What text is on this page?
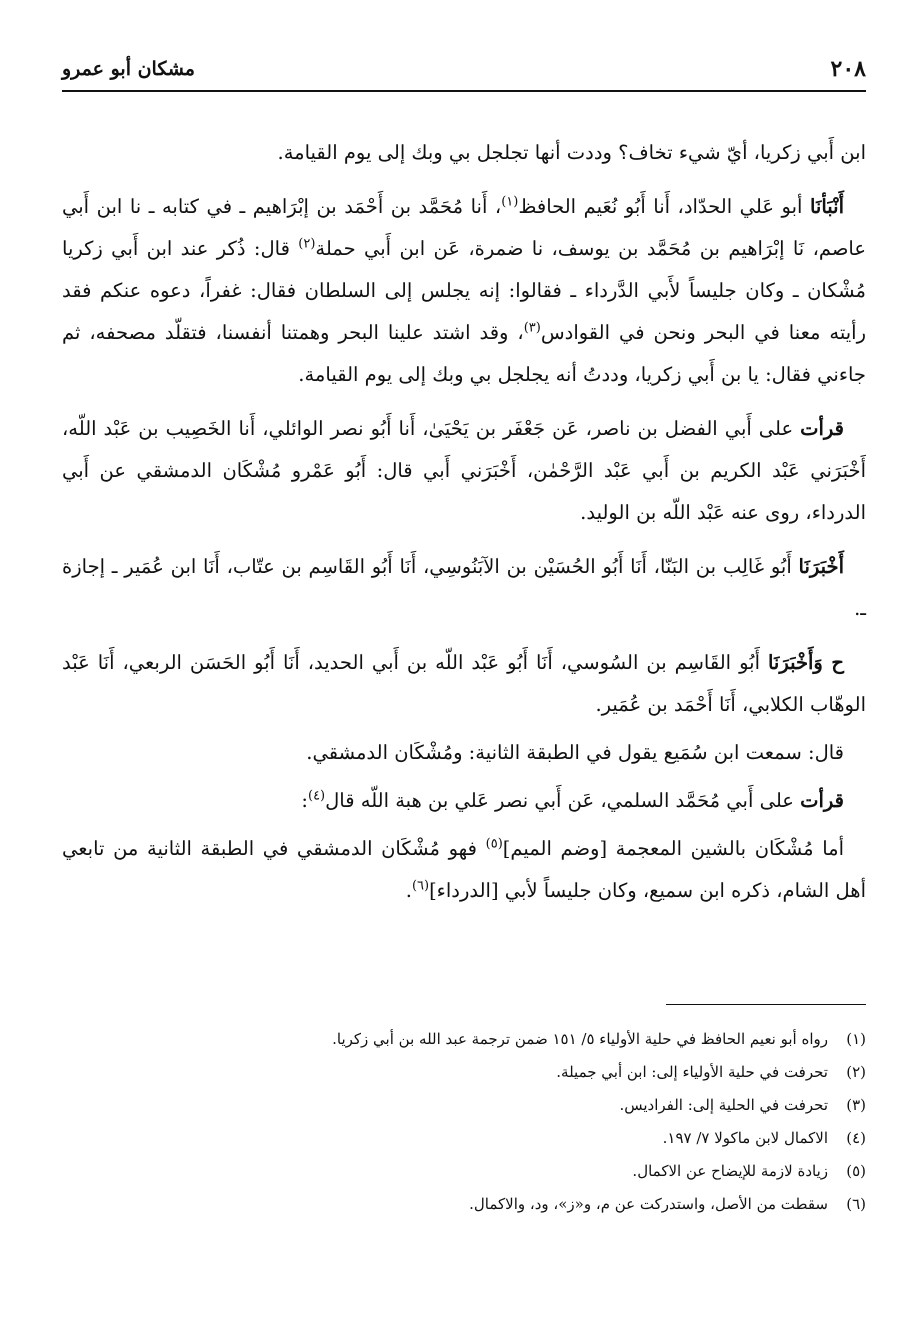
٢٠٨
مشكان أبو عمرو

ابن أَبي زكريا، أيّ شيء تخاف؟ وددت أنها تجلجل بي وبك إلى يوم القيامة.

أَنْبَأنَا أبو عَلي الحدّاد، أَنا أَبُو نُعَيم الحافظ$^{(١)}$، أَنا مُحَمَّد بن أَحْمَد بن إبْرَاهيم ـ في كتابه ـ نا ابن أَبي عاصم، نَا إبْرَاهيم بن مُحَمَّد بن يوسف، نا ضمرة، عَن ابن أَبي حملة$^{(٢)}$ قال: ذُكر عند ابن أَبي زكريا مُشْكان ـ وكان جليساً لأَبي الدَّرداء ـ فقالوا: إنه يجلس إلى السلطان فقال: غفراً، دعوه عنكم فقد رأيته معنا في البحر ونحن في القوادس$^{(٣)}$، وقد اشتد علينا البحر وهمتنا أنفسنا، فتقلّد مصحفه، ثم جاءني فقال: يا بن أَبي زكريا، وددتُ أنه يجلجل بي وبك إلى يوم القيامة.

قرأت على أَبي الفضل بن ناصر، عَن جَعْفَر بن يَحْيَىٰ، أَنا أَبُو نصر الوائلي، أَنا الخَصِيب بن عَبْد اللّه، أَخْبَرَني عَبْد الكريم بن أَبي عَبْد الرَّحْمٰن، أَخْبَرَني أَبي قال: أَبُو عَمْرو مُشْكَان الدمشقي عن أَبي الدرداء، روى عنه عَبْد اللّه بن الوليد.

أَخْبَرَنَا أَبُو غَالِب بن البَنّا، أَنَا أَبُو الحُسَيْن بن الآبَنُوسِي، أَنَا أَبُو القَاسِم بن عتّاب، أَنَا ابن عُمَير ـ إجازة ـ.

ح وَأَخْبَرَنَا أَبُو القَاسِم بن السُوسي، أَنَا أَبُو عَبْد اللّه بن أَبي الحديد، أَنَا أَبُو الحَسَن الربعي، أَنَا عَبْد الوهّاب الكلابي، أَنَا أَحْمَد بن عُمَير.

قال: سمعت ابن سُمَيع يقول في الطبقة الثانية: ومُشْكَان الدمشقي.

قرأت على أَبي مُحَمَّد السلمي، عَن أَبي نصر عَلي بن هبة اللّه قال$^{(٤)}$:

أما مُشْكَان بالشين المعجمة [وضم الميم]$^{(٥)}$ فهو مُشْكَان الدمشقي في الطبقة الثانية من تابعي أهل الشام، ذكره ابن سميع، وكان جليساً لأبي [الدرداء]$^{(٦)}$.

(١)
رواه أبو نعيم الحافظ في حلية الأولياء ٥/ ١٥١ ضمن ترجمة عبد الله بن أبي زكريا.
(٢)
تحرفت في حلية الأولياء إلى: ابن أبي جميلة.
(٣)
تحرفت في الحلية إلى: الفراديس.
(٤)
الاكمال لابن ماكولا ٧/ ١٩٧.
(٥)
زيادة لازمة للإيضاح عن الاكمال.
(٦)
سقطت من الأصل، واستدركت عن م، و«ز»، ود، والاكمال.
